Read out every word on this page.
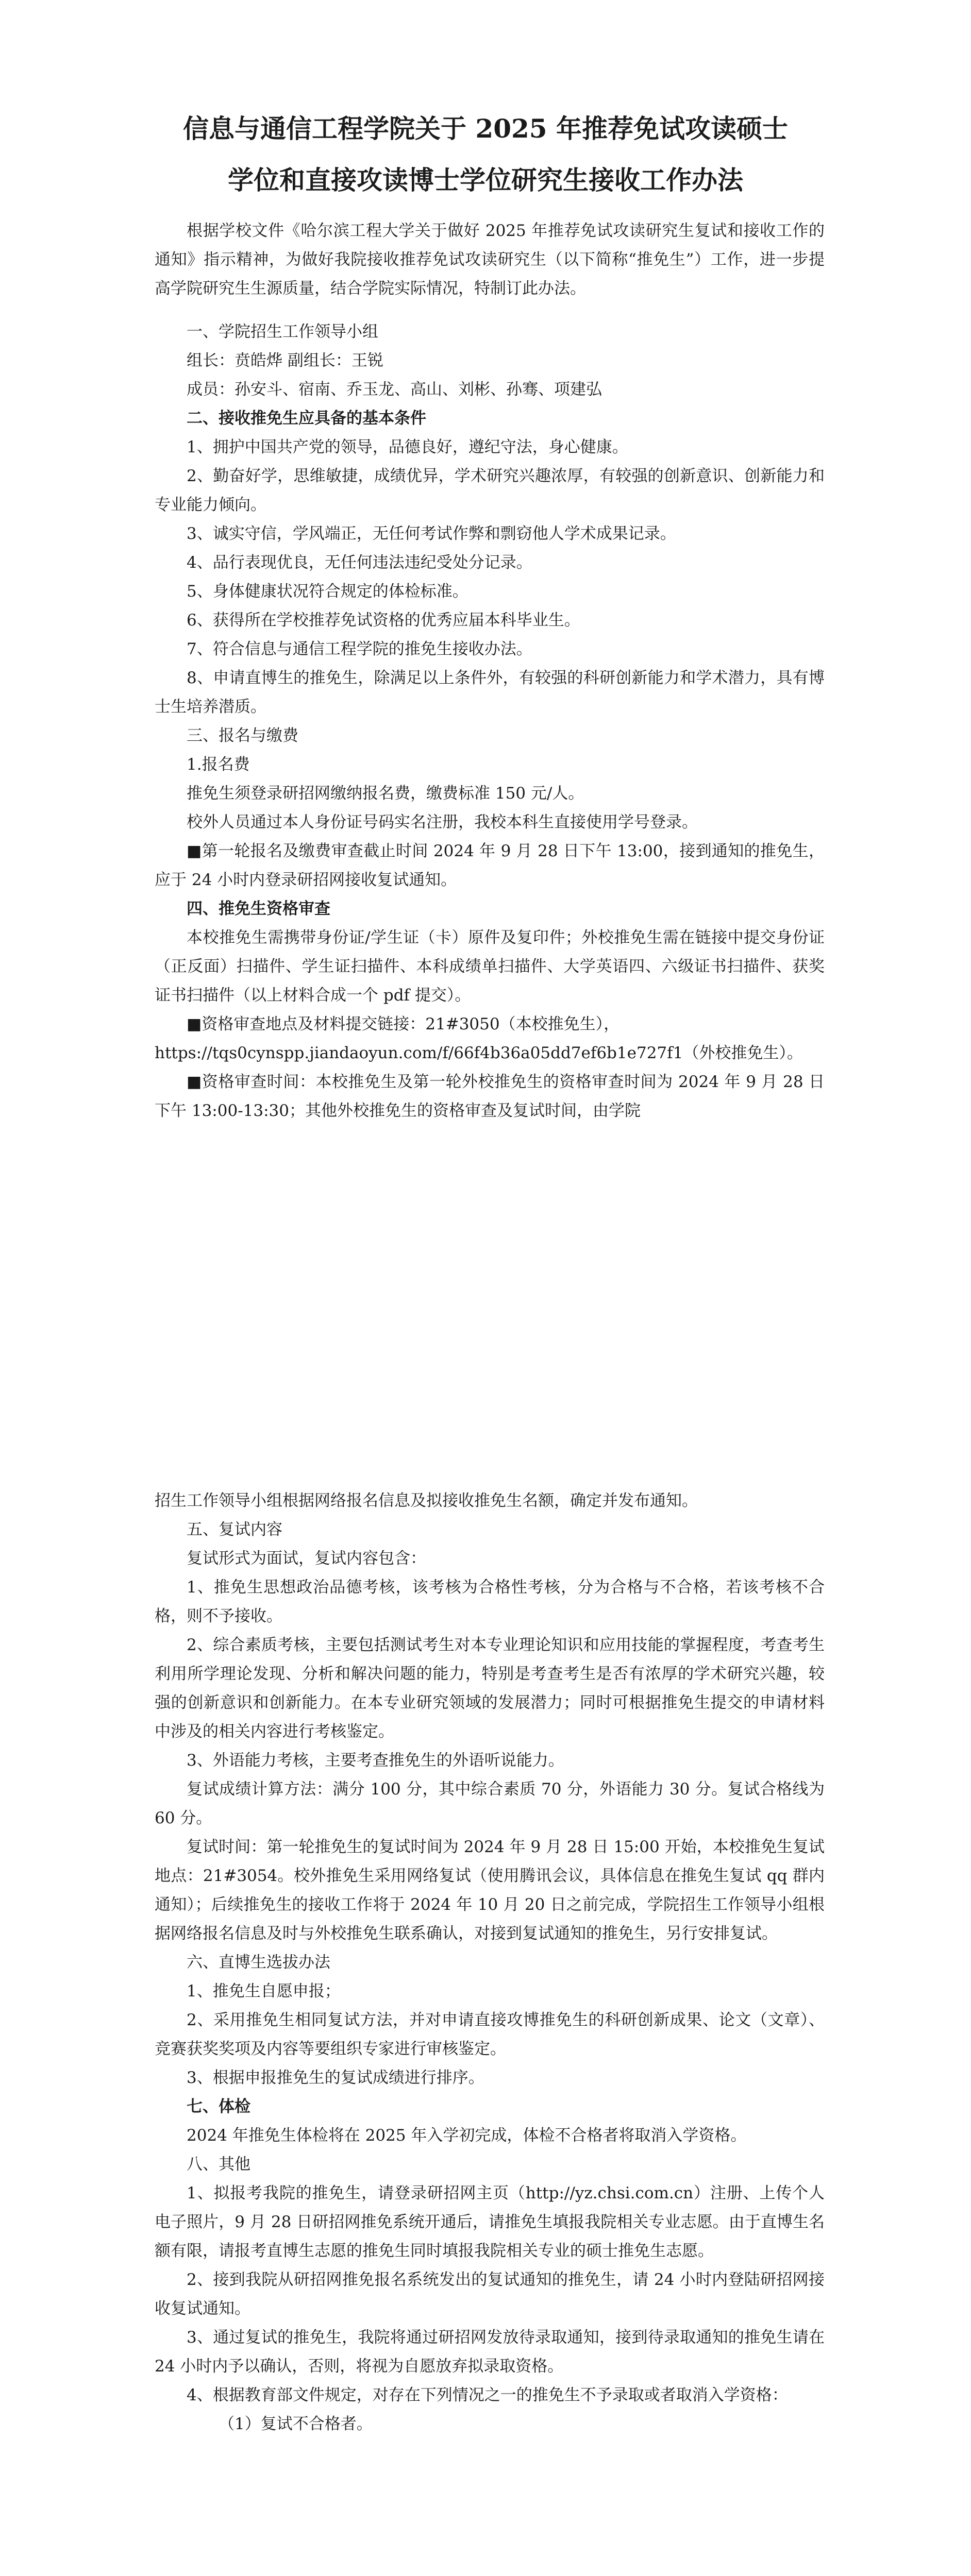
信息与通信工程学院关于 2025 年推荐免试攻读硕士
学位和直接攻读博士学位研究生接收工作办法

根据学校文件《哈尔滨工程大学关于做好 2025 年推荐免试攻读研究生复试和接收工作的通知》指示精神，为做好我院接收推荐免试攻读研究生（以下简称“推免生”）工作，进一步提高学院研究生生源质量，结合学院实际情况，特制订此办法。

一、学院招生工作领导小组

组长：贲皓烨 副组长：王锐

成员：孙安斗、宿南、乔玉龙、高山、刘彬、孙骞、项建弘

二、接收推免生应具备的基本条件

1、拥护中国共产党的领导，品德良好，遵纪守法，身心健康。

2、勤奋好学，思维敏捷，成绩优异，学术研究兴趣浓厚，有较强的创新意识、创新能力和专业能力倾向。

3、诚实守信，学风端正，无任何考试作弊和剽窃他人学术成果记录。

4、品行表现优良，无任何违法违纪受处分记录。

5、身体健康状况符合规定的体检标准。

6、获得所在学校推荐免试资格的优秀应届本科毕业生。

7、符合信息与通信工程学院的推免生接收办法。

8、申请直博生的推免生，除满足以上条件外，有较强的科研创新能力和学术潜力，具有博士生培养潜质。

三、报名与缴费

1.报名费

推免生须登录研招网缴纳报名费，缴费标准 150 元/人。

校外人员通过本人身份证号码实名注册，我校本科生直接使用学号登录。

■第一轮报名及缴费审查截止时间 2024 年 9 月 28 日下午 13:00，接到通知的推免生，应于 24 小时内登录研招网接收复试通知。

四、推免生资格审查

本校推免生需携带身份证/学生证（卡）原件及复印件；外校推免生需在链接中提交身份证（正反面）扫描件、学生证扫描件、本科成绩单扫描件、大学英语四、六级证书扫描件、获奖证书扫描件（以上材料合成一个 pdf 提交）。

■资格审查地点及材料提交链接：21#3050（本校推免生），

https://tqs0cynspp.jiandaoyun.com/f/66f4b36a05dd7ef6b1e727f1（外校推免生）。

■资格审查时间：本校推免生及第一轮外校推免生的资格审查时间为 2024 年 9 月 28 日下午 13:00-13:30；其他外校推免生的资格审查及复试时间，由学院

招生工作领导小组根据网络报名信息及拟接收推免生名额，确定并发布通知。

五、复试内容

复试形式为面试，复试内容包含：

1、推免生思想政治品德考核，该考核为合格性考核，分为合格与不合格，若该考核不合格，则不予接收。

2、综合素质考核，主要包括测试考生对本专业理论知识和应用技能的掌握程度，考查考生利用所学理论发现、分析和解决问题的能力，特别是考查考生是否有浓厚的学术研究兴趣，较强的创新意识和创新能力。在本专业研究领域的发展潜力；同时可根据推免生提交的申请材料中涉及的相关内容进行考核鉴定。

3、外语能力考核，主要考查推免生的外语听说能力。

复试成绩计算方法：满分 100 分，其中综合素质 70 分，外语能力 30 分。复试合格线为 60 分。

复试时间：第一轮推免生的复试时间为 2024 年 9 月 28 日 15:00 开始，本校推免生复试地点：21#3054。校外推免生采用网络复试（使用腾讯会议，具体信息在推免生复试 qq 群内通知）；后续推免生的接收工作将于 2024 年 10 月 20 日之前完成，学院招生工作领导小组根据网络报名信息及时与外校推免生联系确认，对接到复试通知的推免生，另行安排复试。

六、直博生选拔办法

1、推免生自愿申报；

2、采用推免生相同复试方法，并对申请直接攻博推免生的科研创新成果、论文（文章）、竞赛获奖奖项及内容等要组织专家进行审核鉴定。

3、根据申报推免生的复试成绩进行排序。

七、体检

2024 年推免生体检将在 2025 年入学初完成，体检不合格者将取消入学资格。

八、其他

1、拟报考我院的推免生，请登录研招网主页（http://yz.chsi.com.cn）注册、上传个人电子照片，9 月 28 日研招网推免系统开通后，请推免生填报我院相关专业志愿。由于直博生名额有限，请报考直博生志愿的推免生同时填报我院相关专业的硕士推免生志愿。

2、接到我院从研招网推免报名系统发出的复试通知的推免生，请 24 小时内登陆研招网接收复试通知。

3、通过复试的推免生，我院将通过研招网发放待录取通知，接到待录取通知的推免生请在 24 小时内予以确认，否则，将视为自愿放弃拟录取资格。

4、根据教育部文件规定，对存在下列情况之一的推免生不予录取或者取消入学资格：

（1）复试不合格者。
